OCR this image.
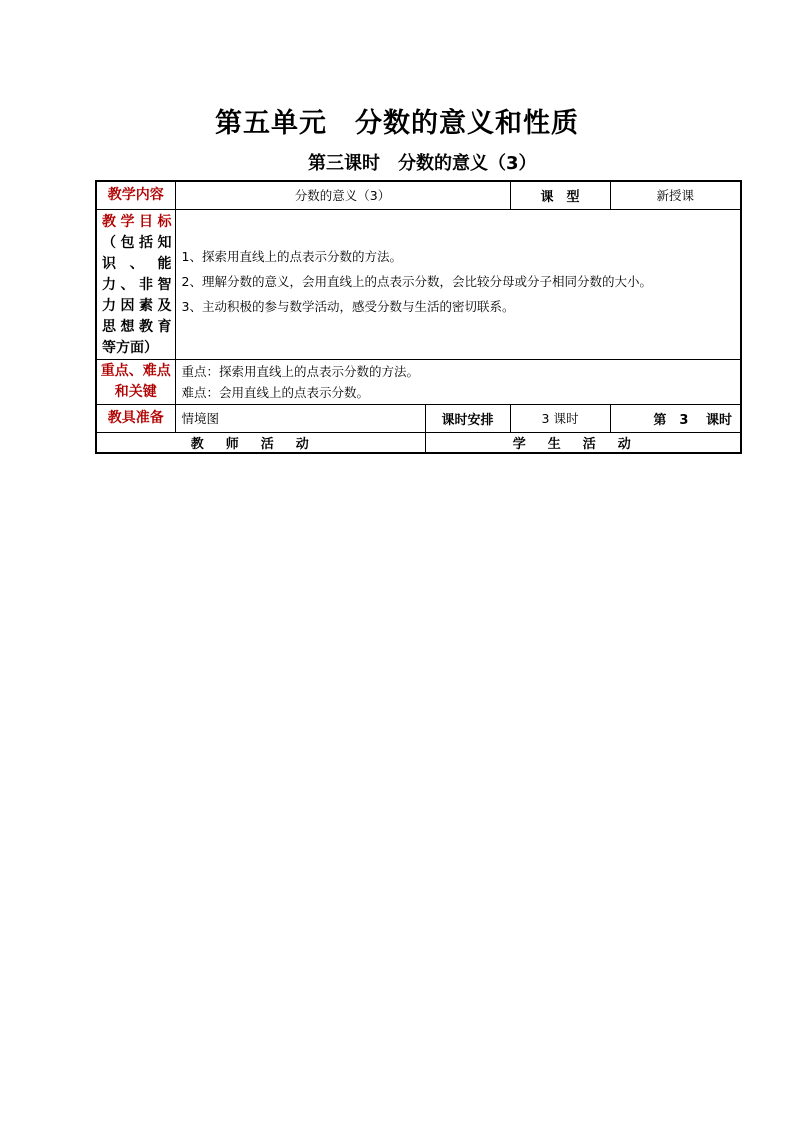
第五单元　分数的意义和性质
第三课时　分数的意义（3）
教学内容	分数的意义（3）		课　型	新授课
教学目标（包括知识、能力、非智力因素及思想教育等方面）	1、探索用直线上的点表示分数的方法。
2、理解分数的意义，会用直线上的点表示分数，会比较分母或分子相同分数的大小。
3、主动积极的参与数学活动，感受分数与生活的密切联系。			

重点、难点和关键	重点：探索用直线上的点表示分数的方法。
难点：会用直线上的点表示分数。			

教具准备	情境图	课时安排	3 课时	第　3　 课时
教师活动		学生活动		
